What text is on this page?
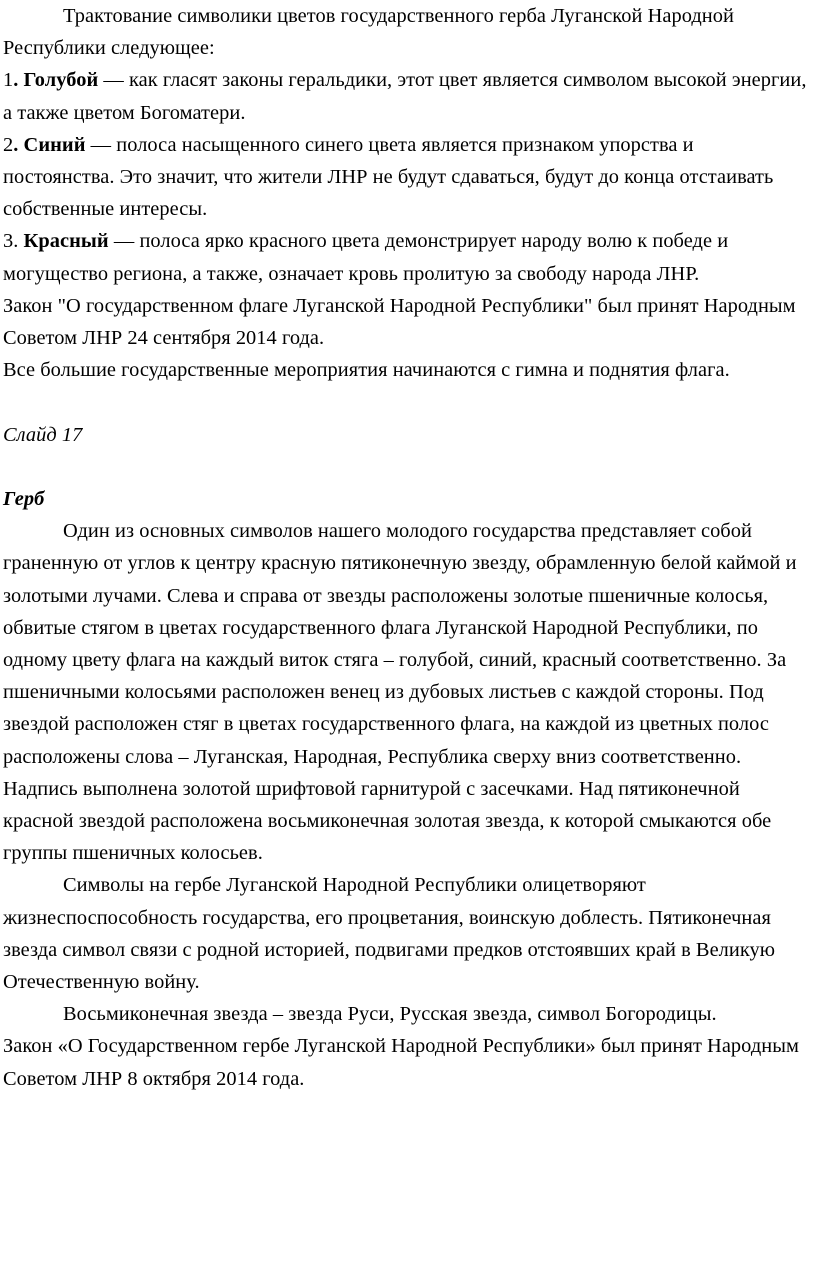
Трактование символики цветов государственного герба Луганской Народной Республики следующее:

1. Голубой — как гласят законы геральдики, этот цвет является символом высокой энергии, а также цветом Богоматери.

2. Синий — полоса насыщенного синего цвета является признаком упорства и постоянства. Это значит, что жители ЛНР не будут сдаваться, будут до конца отстаивать собственные интересы.

3. Красный — полоса ярко красного цвета демонстрирует народу волю к победе и могущество региона, а также, означает кровь пролитую за свободу народа ЛНР.

Закон "О государственном флаге Луганской Народной Республики" был принят Народным Советом ЛНР 24 сентября 2014 года.

Все большие государственные мероприятия начинаются с гимна и поднятия флага.

Слайд 17

Герб

Один из основных символов нашего молодого государства представляет собой граненную от углов к центру красную пятиконечную звезду, обрамленную белой каймой и золотыми лучами. Слева и справа от звезды расположены золотые пшеничные колосья, обвитые стягом в цветах государственного флага Луганской Народной Республики, по одному цвету флага на каждый виток стяга – голубой, синий, красный соответственно. За пшеничными колосьями расположен венец из дубовых листьев с каждой стороны. Под звездой расположен стяг в цветах государственного флага, на каждой из цветных полос расположены слова – Луганская, Народная, Республика сверху вниз соответственно. Надпись выполнена золотой шрифтовой гарнитурой с засечками. Над пятиконечной красной звездой расположена восьмиконечная золотая звезда, к которой смыкаются обе группы пшеничных колосьев.

Символы на гербе Луганской Народной Республики олицетворяют жизнеспоспособность государства, его процветания, воинскую доблесть. Пятиконечная звезда символ связи с родной историей, подвигами предков отстоявших край в Великую Отечественную войну.

Восьмиконечная звезда – звезда Руси, Русская звезда, символ Богородицы.

Закон «О Государственном гербе Луганской Народной Республики» был принят Народным Советом ЛНР 8 октября 2014 года.
